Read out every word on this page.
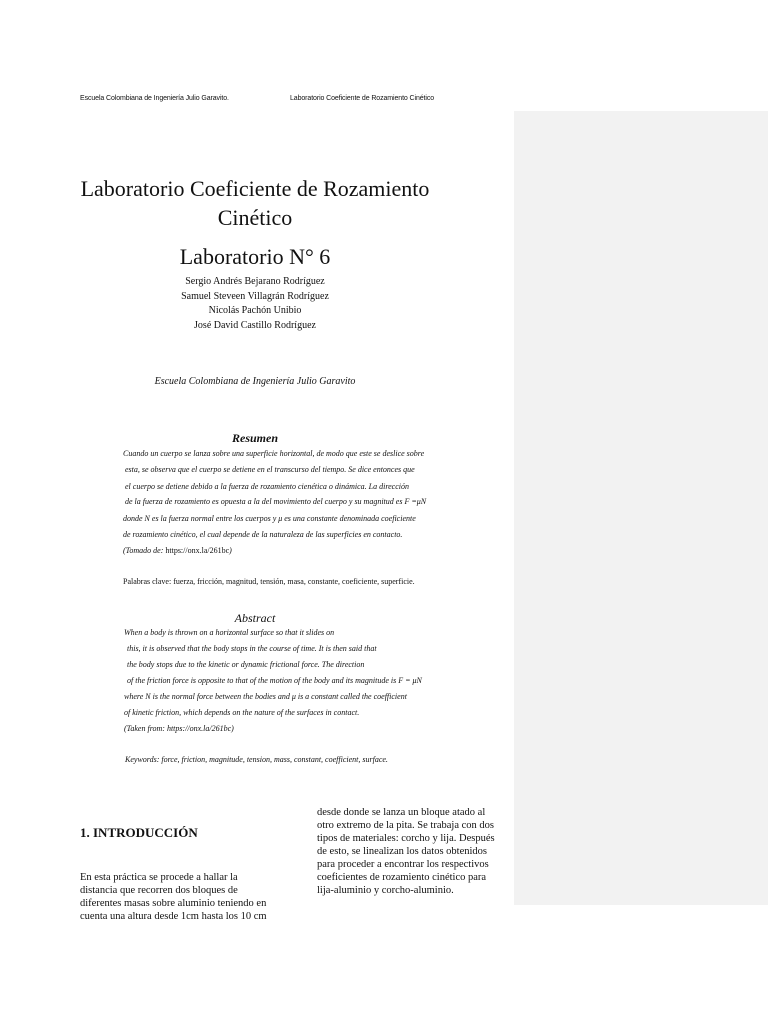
Escuela Colombiana de Ingeniería Julio Garavito.	Laboratorio Coeficiente de Rozamiento Cinético
Laboratorio Coeficiente de Rozamiento
Cinético
Laboratorio N° 6
Sergio Andrés Bejarano Rodríguez
Samuel Steveen Villagrán Rodríguez
Nicolás Pachón Unibio
José David Castillo Rodríguez
Escuela Colombiana de Ingeniería Julio Garavito
Resumen
Cuando un cuerpo se lanza sobre una superficie horizontal, de modo que este se deslice sobre
esta, se observa que el cuerpo se detiene en el transcurso del tiempo. Se dice entonces que
el cuerpo se detiene debido a la fuerza de rozamiento cienética o dinámica. La dirección
de la fuerza de rozamiento es opuesta a la del movimiento del cuerpo y su magnitud es F =μN
donde N es la fuerza normal entre los cuerpos y μ es una constante denominada coeficiente
de rozamiento cinético, el cual depende de la naturaleza de las superficies en contacto.
(Tomado de: https://onx.la/261bc)
Palabras clave: fuerza, fricción, magnitud, tensión, masa, constante, coeficiente, superficie.
Abstract
When a body is thrown on a horizontal surface so that it slides on
this, it is observed that the body stops in the course of time. It is then said that
the body stops due to the kinetic or dynamic frictional force. The direction
of the friction force is opposite to that of the motion of the body and its magnitude is F = μN
where N is the normal force between the bodies and μ is a constant called the coefficient
of kinetic friction, which depends on the nature of the surfaces in contact.
(Taken from: https://onx.la/261bc)
Keywords: force, friction, magnitude, tension, mass, constant, coefficient, surface.
1. INTRODUCCIÓN
En esta práctica se procede a hallar la
distancia que recorren dos bloques de
diferentes masas sobre aluminio teniendo en
cuenta una altura desde 1cm hasta los 10 cm
desde donde se lanza un bloque atado al
otro extremo de la pita. Se trabaja con dos
tipos de materiales: corcho y lija. Después
de esto, se linealizan los datos obtenidos
para proceder a encontrar los respectivos
coeficientes de rozamiento cinético para
lija-aluminio y corcho-aluminio.
